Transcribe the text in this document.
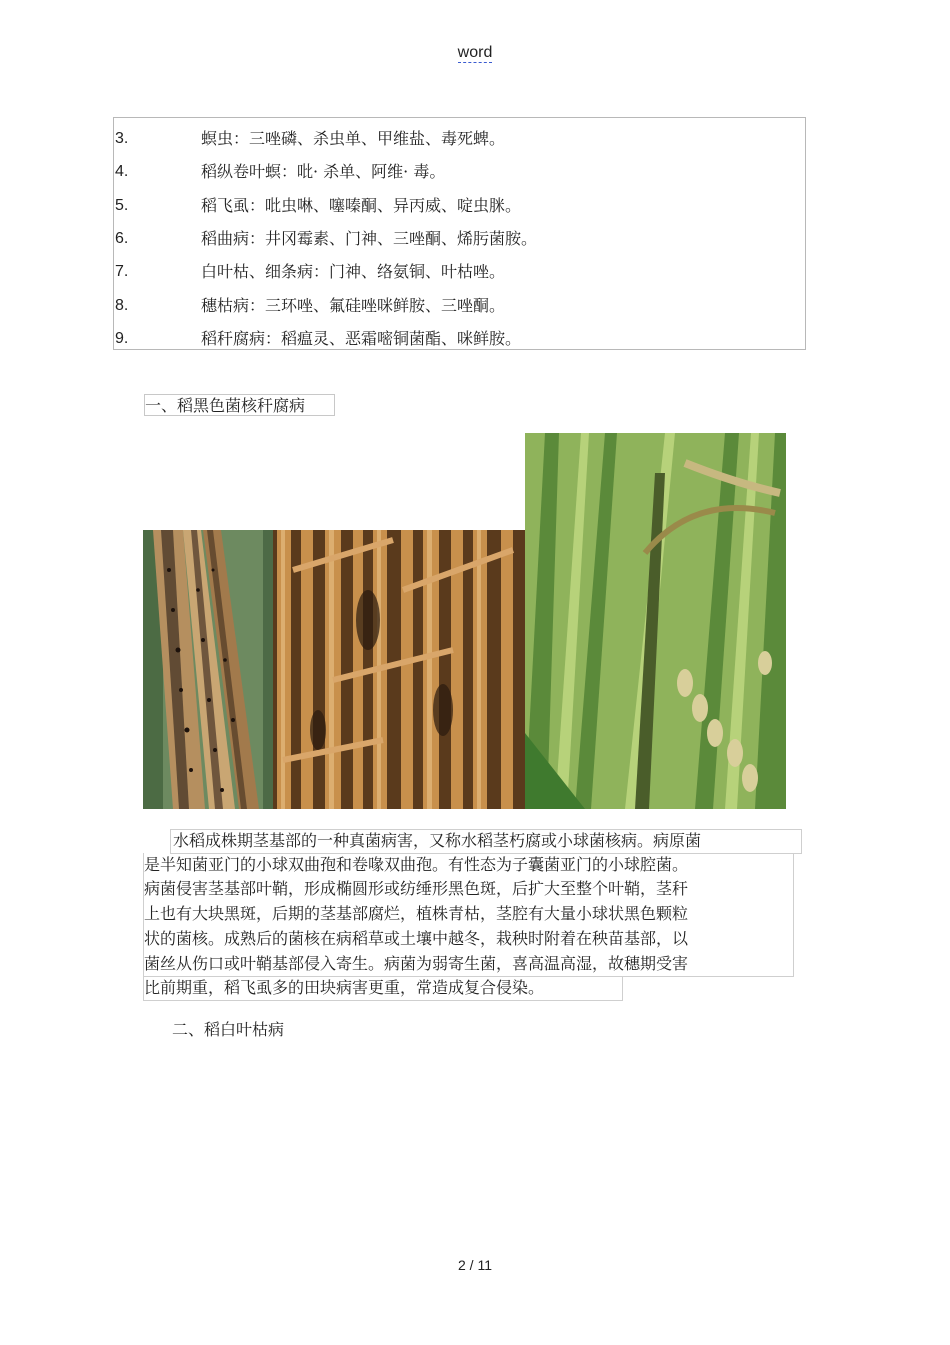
word
3.	螟虫：三唑磷、杀虫单、甲维盐、毒死蜱。
4.	稻纵卷叶螟：吡· 杀单、阿维· 毒。
5.	稻飞虱：吡虫啉、噻嗪酮、异丙威、啶虫脒。
6.	稻曲病：井冈霉素、门神、三唑酮、烯肟菌胺。
7.	白叶枯、细条病：门神、络氨铜、叶枯唑。
8.	穗枯病：三环唑、氟硅唑咪鲜胺、三唑酮。
9.	稻秆腐病：稻瘟灵、恶霜嘧铜菌酯、咪鲜胺。
一、稻黑色菌核秆腐病
水稻成株期茎基部的一种真菌病害，又称水稻茎朽腐或小球菌核病。病原菌
是半知菌亚门的小球双曲孢和卷喙双曲孢。有性态为子囊菌亚门的小球腔菌。
病菌侵害茎基部叶鞘，形成椭圆形或纺缍形黑色斑，后扩大至整个叶鞘，茎秆
上也有大块黑斑，后期的茎基部腐烂，植株青枯，茎腔有大量小球状黑色颗粒
状的菌核。成熟后的菌核在病稻草或土壤中越冬，栽秧时附着在秧苗基部，以
菌丝从伤口或叶鞘基部侵入寄生。病菌为弱寄生菌，喜高温高湿，故穗期受害
比前期重，稻飞虱多的田块病害更重，常造成复合侵染。
二、稻白叶枯病
2 / 11
